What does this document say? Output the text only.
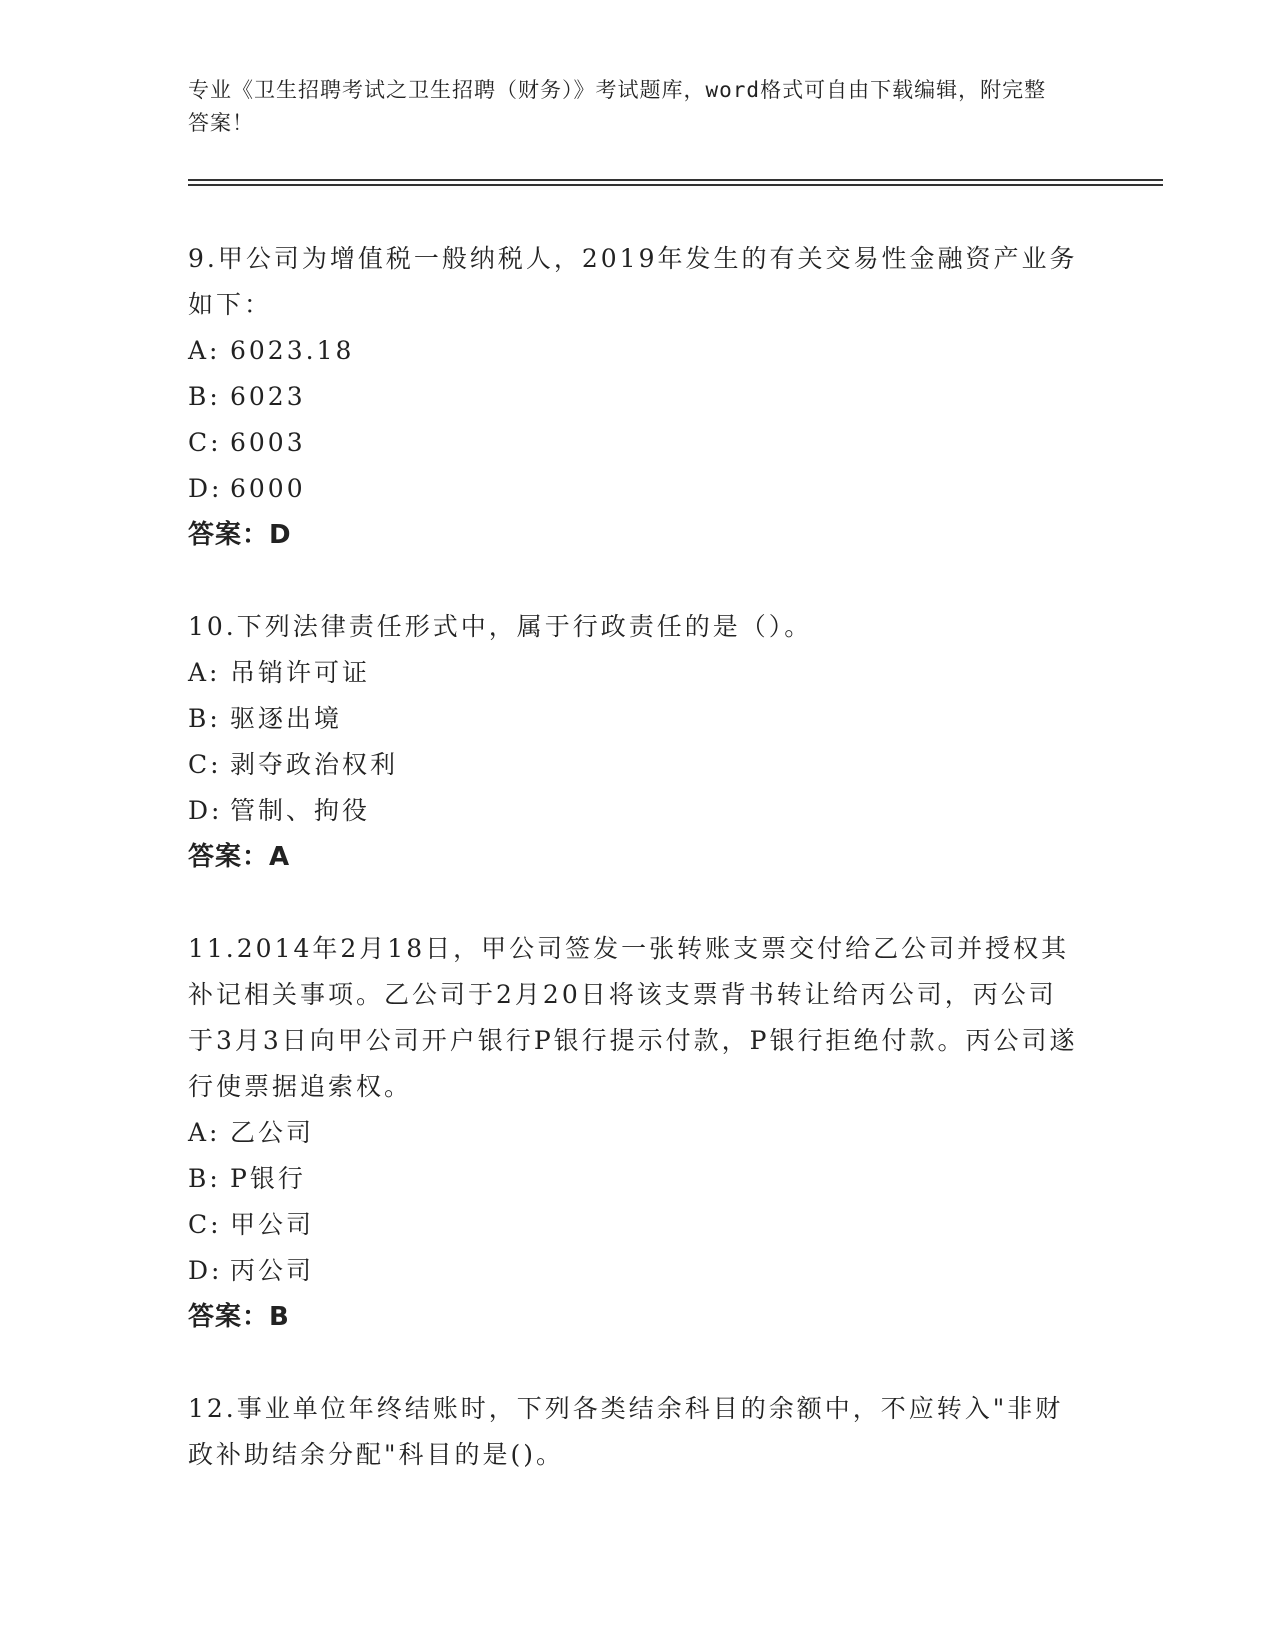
专业《卫生招聘考试之卫生招聘（财务）》考试题库，word格式可自由下载编辑，附完整答案！

9.甲公司为增值税一般纳税人，2019年发生的有关交易性金融资产业务如下：

A: 6023.18

B: 6023

C: 6003

D: 6000

答案：D

10.下列法律责任形式中，属于行政责任的是（）。

A: 吊销许可证

B: 驱逐出境

C: 剥夺政治权利

D: 管制、拘役

答案：A

11.2014年2月18日，甲公司签发一张转账支票交付给乙公司并授权其补记相关事项。乙公司于2月20日将该支票背书转让给丙公司，丙公司于3月3日向甲公司开户银行P银行提示付款，P银行拒绝付款。丙公司遂行使票据追索权。

A: 乙公司

B: P银行

C: 甲公司

D: 丙公司

答案：B

12.事业单位年终结账时，下列各类结余科目的余额中，不应转入"非财政补助结余分配"科目的是()。
